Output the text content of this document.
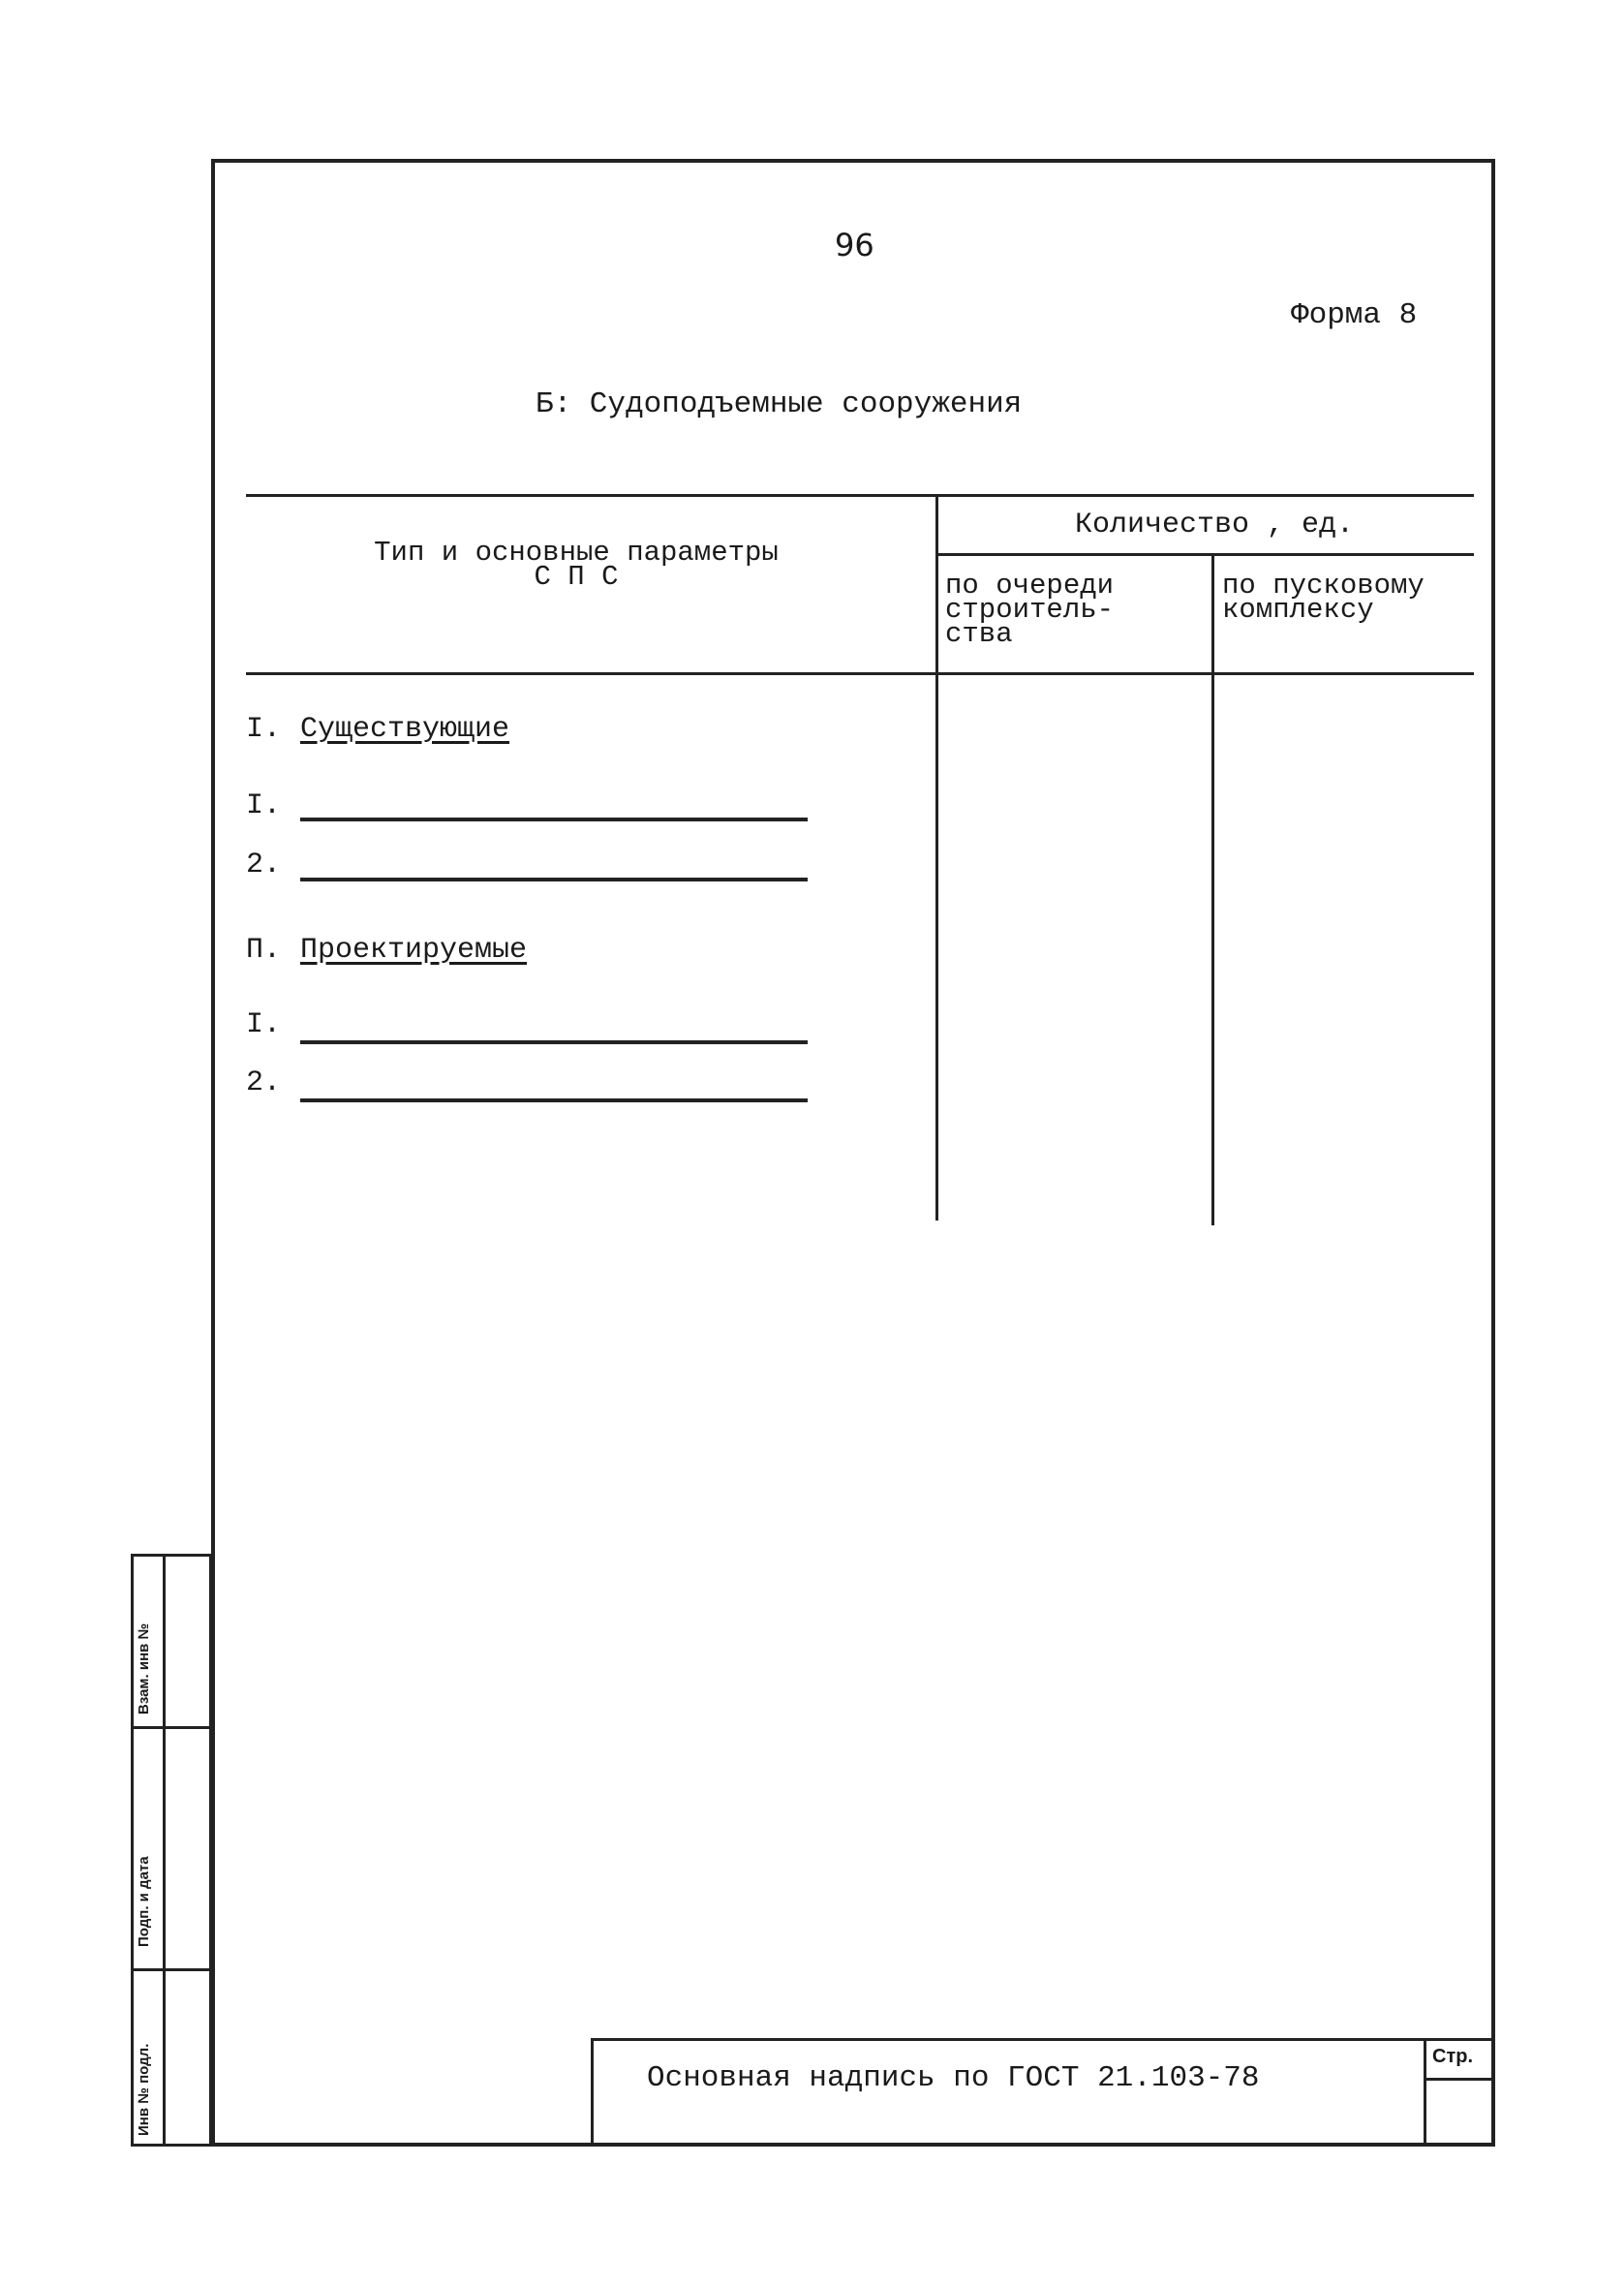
96
Форма 8
Б: Судоподъемные сооружения
Тип и основные параметры
С П С
Количество , ед.
по очереди
строитель-
ства
по пусковому
комплексу
I. Существующие
I.
2.
П. Проектируемые
I.
2.
Взам. инв №
Подп. и дата
Инв № подл.	Основная надпись по ГОСТ 21.103-78
Стр.
